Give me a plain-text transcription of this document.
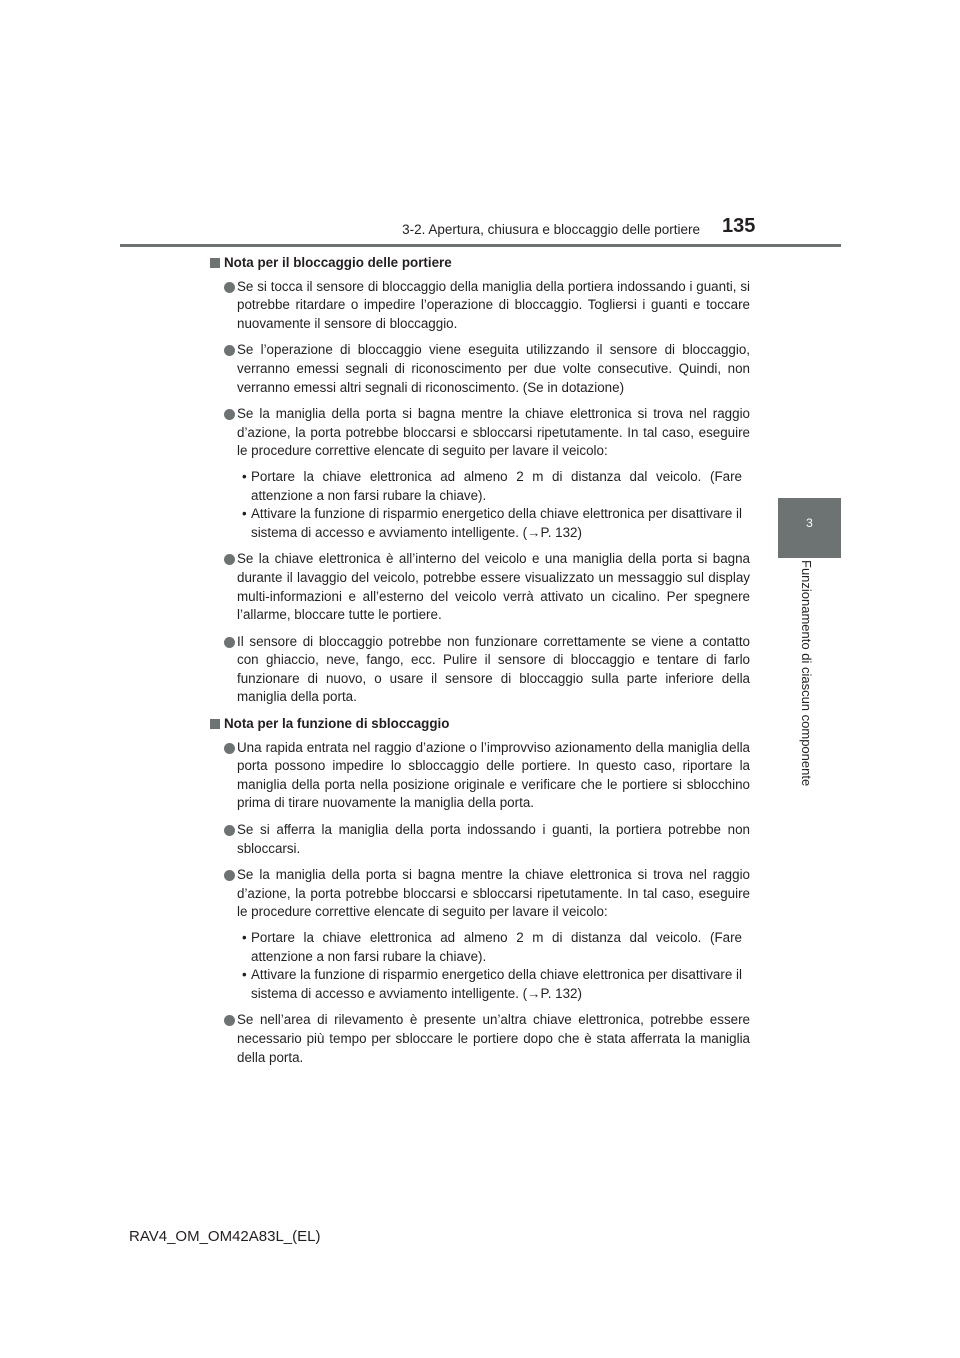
3-2. Apertura, chiusura e bloccaggio delle portiere 135
3
Funzionamento di ciascun componente
Nota per il bloccaggio delle portiere
Se si tocca il sensore di bloccaggio della maniglia della portiera indossando i guanti, si potrebbe ritardare o impedire l’operazione di bloccaggio. Togliersi i guanti e toccare nuovamente il sensore di bloccaggio.
Se l’operazione di bloccaggio viene eseguita utilizzando il sensore di bloccaggio, verranno emessi segnali di riconoscimento per due volte consecutive. Quindi, non verranno emessi altri segnali di riconoscimento. (Se in dotazione)
Se la maniglia della porta si bagna mentre la chiave elettronica si trova nel raggio d’azione, la porta potrebbe bloccarsi e sbloccarsi ripetutamente. In tal caso, eseguire le procedure correttive elencate di seguito per lavare il veicolo:
• Portare la chiave elettronica ad almeno 2 m di distanza dal veicolo. (Fare attenzione a non farsi rubare la chiave).
• Attivare la funzione di risparmio energetico della chiave elettronica per disattivare il sistema di accesso e avviamento intelligente. (→P. 132)
Se la chiave elettronica è all’interno del veicolo e una maniglia della porta si bagna durante il lavaggio del veicolo, potrebbe essere visualizzato un messaggio sul display multi-informazioni e all’esterno del veicolo verrà attivato un cicalino. Per spegnere l’allarme, bloccare tutte le portiere.
Il sensore di bloccaggio potrebbe non funzionare correttamente se viene a contatto con ghiaccio, neve, fango, ecc. Pulire il sensore di bloccaggio e tentare di farlo funzionare di nuovo, o usare il sensore di bloccaggio sulla parte inferiore della maniglia della porta.
Nota per la funzione di sbloccaggio
Una rapida entrata nel raggio d’azione o l’improvviso azionamento della maniglia della porta possono impedire lo sbloccaggio delle portiere. In questo caso, riportare la maniglia della porta nella posizione originale e verificare che le portiere si sblocchino prima di tirare nuovamente la maniglia della porta.
Se si afferra la maniglia della porta indossando i guanti, la portiera potrebbe non sbloccarsi.
Se la maniglia della porta si bagna mentre la chiave elettronica si trova nel raggio d’azione, la porta potrebbe bloccarsi e sbloccarsi ripetutamente. In tal caso, eseguire le procedure correttive elencate di seguito per lavare il veicolo:
• Portare la chiave elettronica ad almeno 2 m di distanza dal veicolo. (Fare attenzione a non farsi rubare la chiave).
• Attivare la funzione di risparmio energetico della chiave elettronica per disattivare il sistema di accesso e avviamento intelligente. (→P. 132)
Se nell’area di rilevamento è presente un’altra chiave elettronica, potrebbe essere necessario più tempo per sbloccare le portiere dopo che è stata afferrata la maniglia della porta.
RAV4_OM_OM42A83L_(EL)
